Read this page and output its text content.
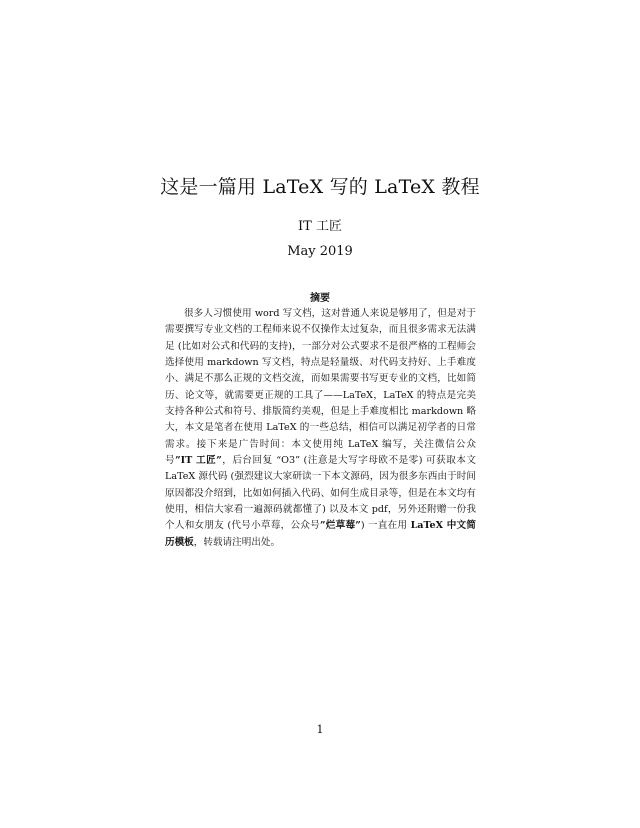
这是一篇用 LaTeX 写的 LaTeX 教程
IT 工匠
May 2019
摘要

很多人习惯使用 word 写文档，这对普通人来说是够用了，但是对于需要撰写专业文档的工程师来说不仅操作太过复杂，而且很多需求无法满足 (比如对公式和代码的支持)，一部分对公式要求不是很严格的工程师会选择使用 markdown 写文档，特点是轻量级、对代码支持好、上手难度小、满足不那么正规的文档交流，而如果需要书写更专业的文档，比如简历、论文等，就需要更正规的工具了——LaTeX，LaTeX 的特点是完美支持各种公式和符号、排版简约美观，但是上手难度相比 markdown 略大，本文是笔者在使用 LaTeX 的一些总结，相信可以满足初学者的日常需求。接下来是广告时间：本文使用纯 LaTeX 编写，关注微信公众号”IT 工匠”，后台回复 “O3” (注意是大写字母欧不是零) 可获取本文 LaTeX 源代码 (强烈建议大家研读一下本文源码，因为很多东西由于时间原因都没介绍到，比如如何插入代码、如何生成目录等，但是在本文均有使用，相信大家看一遍源码就都懂了) 以及本文 pdf，另外还附赠一份我个人和女朋友 (代号小草莓，公众号”烂草莓”) 一直在用 LaTeX 中文简历模板，转载请注明出处。

1
